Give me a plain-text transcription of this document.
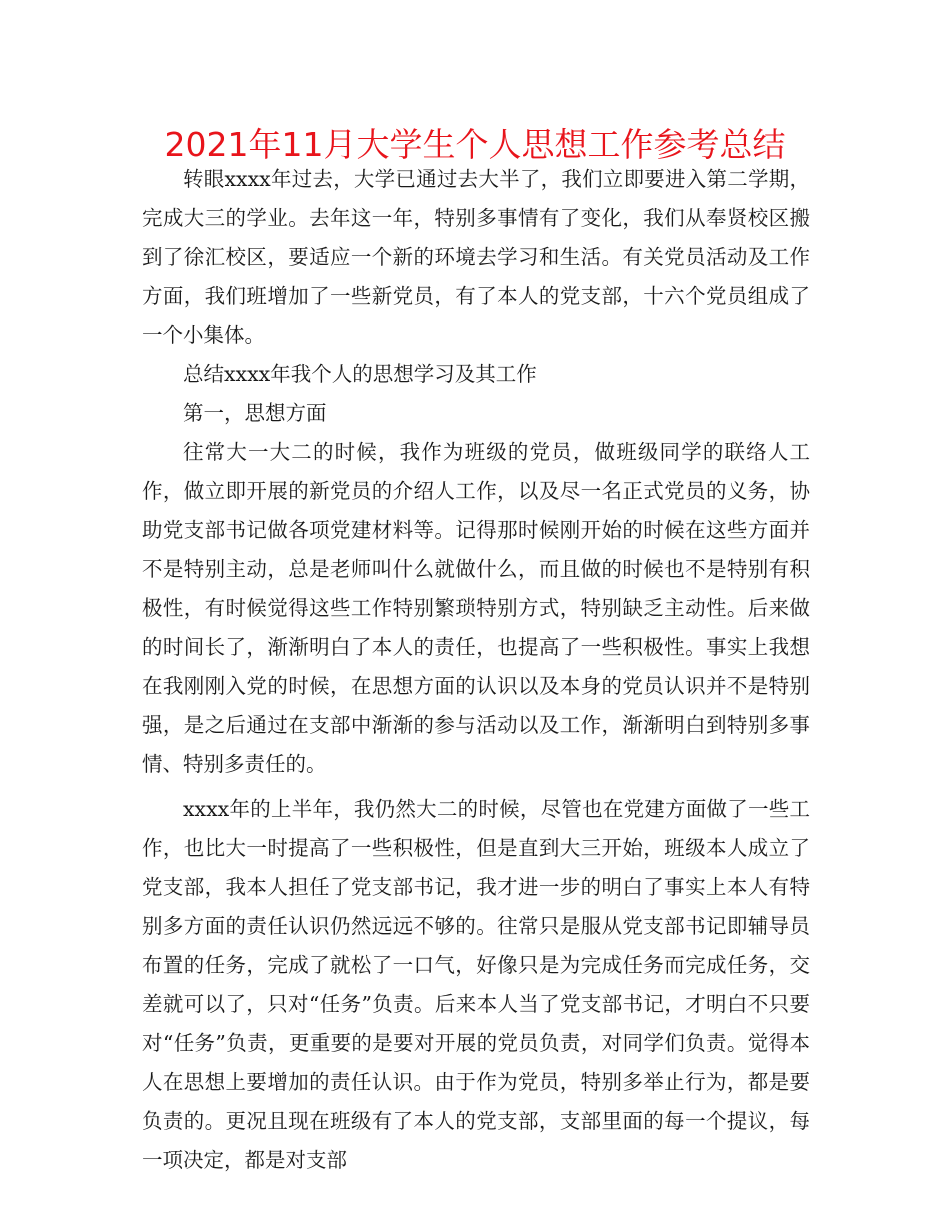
2021年11月大学生个人思想工作参考总结

转眼xxxx年过去，大学已通过去大半了，我们立即要进入第二学期，完成大三的学业。去年这一年，特别多事情有了变化，我们从奉贤校区搬到了徐汇校区，要适应一个新的环境去学习和生活。有关党员活动及工作方面，我们班增加了一些新党员，有了本人的党支部，十六个党员组成了一个小集体。

总结xxxx年我个人的思想学习及其工作

第一，思想方面

往常大一大二的时候，我作为班级的党员，做班级同学的联络人工作，做立即开展的新党员的介绍人工作，以及尽一名正式党员的义务，协助党支部书记做各项党建材料等。记得那时候刚开始的时候在这些方面并不是特别主动，总是老师叫什么就做什么，而且做的时候也不是特别有积极性，有时候觉得这些工作特别繁琐特别方式，特别缺乏主动性。后来做的时间长了，渐渐明白了本人的责任，也提高了一些积极性。事实上我想在我刚刚入党的时候，在思想方面的认识以及本身的党员认识并不是特别强，是之后通过在支部中渐渐的参与活动以及工作，渐渐明白到特别多事情、特别多责任的。

xxxx年的上半年，我仍然大二的时候，尽管也在党建方面做了一些工作，也比大一时提高了一些积极性，但是直到大三开始，班级本人成立了党支部，我本人担任了党支部书记，我才进一步的明白了事实上本人有特别多方面的责任认识仍然远远不够的。往常只是服从党支部书记即辅导员布置的任务，完成了就松了一口气，好像只是为完成任务而完成任务，交差就可以了，只对“任务”负责。后来本人当了党支部书记，才明白不只要对“任务”负责，更重要的是要对开展的党员负责，对同学们负责。觉得本人在思想上要增加的责任认识。由于作为党员，特别多举止行为，都是要负责的。更况且现在班级有了本人的党支部，支部里面的每一个提议，每一项决定，都是对支部
